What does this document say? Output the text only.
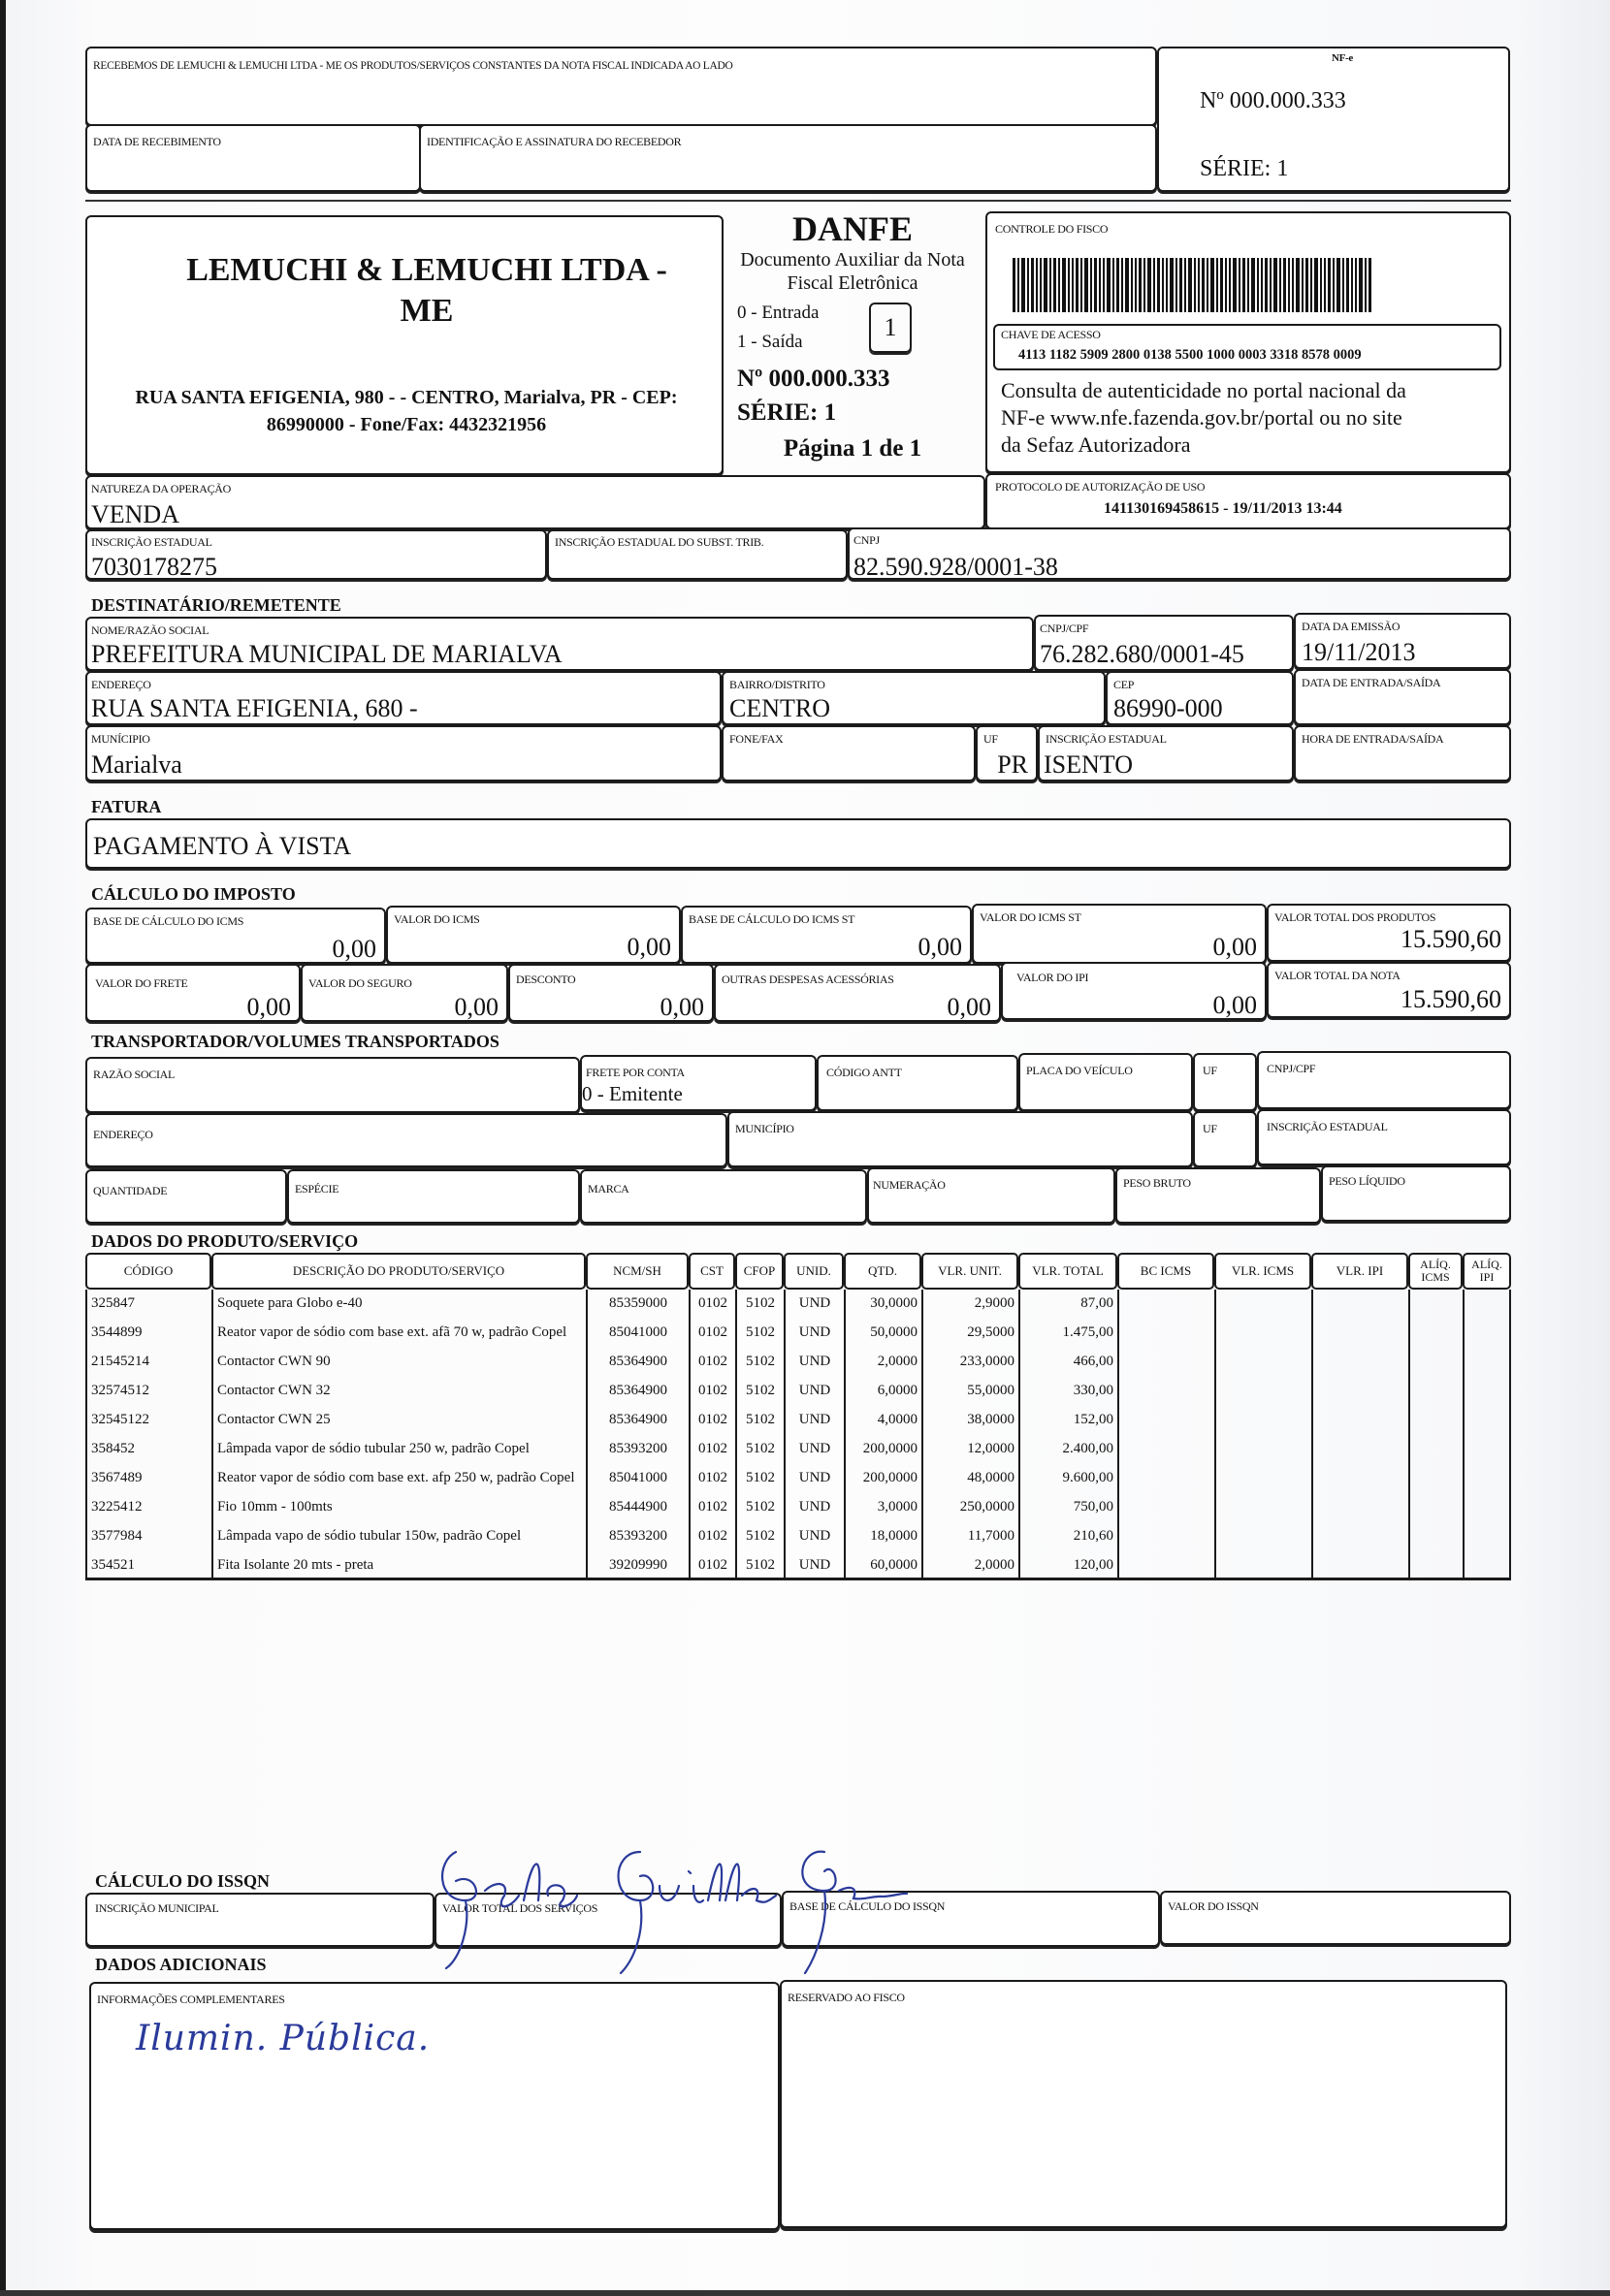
RECEBEMOS DE LEMUCHI & LEMUCHI LTDA - ME OS PRODUTOS/SERVIÇOS CONSTANTES DA NOTA FISCAL INDICADA AO LADO
DATA DE RECEBIMENTO	IDENTIFICAÇÃO E ASSINATURA DO RECEBEDOR
NF-e
Nº 000.000.333
SÉRIE: 1
LEMUCHI & LEMUCHI LTDA - ME
RUA SANTA EFIGENIA, 980 - - CENTRO, Marialva, PR - CEP:
86990000 - Fone/Fax: 4432321956
DANFE
Documento Auxiliar da Nota
Fiscal Eletrônica
0 - Entrada
1 - Saída
1
Nº 000.000.333
SÉRIE: 1
Página 1 de 1
CONTROLE DO FISCO
CHAVE DE ACESSO
4113 1182 5909 2800 0138 5500 1000 0003 3318 8578 0009
Consulta de autenticidade no portal nacional da
NF-e www.nfe.fazenda.gov.br/portal ou no site
da Sefaz Autorizadora
NATUREZA DA OPERAÇÃO
VENDA
PROTOCOLO DE AUTORIZAÇÃO DE USO
141130169458615 - 19/11/2013 13:44
INSCRIÇÃO ESTADUAL
7030178275
INSCRIÇÃO ESTADUAL DO SUBST. TRIB.	CNPJ
82.590.928/0001-38
DESTINATÁRIO/REMETENTE
NOME/RAZÃO SOCIAL
PREFEITURA MUNICIPAL DE MARIALVA
CNPJ/CPF
76.282.680/0001-45
DATA DA EMISSÃO
19/11/2013
ENDEREÇO
RUA SANTA EFIGENIA, 680 -
BAIRRO/DISTRITO
CENTRO
CEP
86990-000
DATA DE ENTRADA/SAÍDA
MUNÍCIPIO
Marialva
FONE/FAX	UF
PR
INSCRIÇÃO ESTADUAL
ISENTO
HORA DE ENTRADA/SAÍDA
FATURA
PAGAMENTO À VISTA
CÁLCULO DO IMPOSTO
BASE DE CÁLCULO DO ICMS
0,00
VALOR DO ICMS
0,00
BASE DE CÁLCULO DO ICMS ST
0,00
VALOR DO ICMS ST
0,00
VALOR TOTAL DOS PRODUTOS
15.590,60
VALOR DO FRETE
0,00
VALOR DO SEGURO
0,00
DESCONTO
0,00
OUTRAS DESPESAS ACESSÓRIAS
0,00
VALOR DO IPI
0,00
VALOR TOTAL DA NOTA
15.590,60
TRANSPORTADOR/VOLUMES TRANSPORTADOS
RAZÃO SOCIAL	FRETE POR CONTA
0 - Emitente
CÓDIGO ANTT	PLACA DO VEÍCULO	UF	CNPJ/CPF
ENDEREÇO	MUNICÍPIO	UF	INSCRIÇÃO ESTADUAL
QUANTIDADE	ESPÉCIE	MARCA	NUMERAÇÃO	PESO BRUTO	PESO LÍQUIDO
DADOS DO PRODUTO/SERVIÇO
CÓDIGO	DESCRIÇÃO DO PRODUTO/SERVIÇO	NCM/SH	CST	CFOP	UNID.	QTD.	VLR. UNIT.	VLR. TOTAL	BC ICMS	VLR. ICMS	VLR. IPI	ALÍQ. ICMS	ALÍQ. IPI
325847	Soquete para Globo e-40	85359000	0102	5102	UND	30,0000	2,9000	87,00					
3544899	Reator vapor de sódio com base ext. afã 70 w, padrão Copel	85041000	0102	5102	UND	50,0000	29,5000	1.475,00					
21545214	Contactor CWN 90	85364900	0102	5102	UND	2,0000	233,0000	466,00					
32574512	Contactor CWN 32	85364900	0102	5102	UND	6,0000	55,0000	330,00					
32545122	Contactor CWN 25	85364900	0102	5102	UND	4,0000	38,0000	152,00					
358452	Lâmpada vapor de sódio tubular 250 w, padrão Copel	85393200	0102	5102	UND	200,0000	12,0000	2.400,00					
3567489	Reator vapor de sódio com base ext. afp 250 w, padrão Copel	85041000	0102	5102	UND	200,0000	48,0000	9.600,00					
3225412	Fio 10mm - 100mts	85444900	0102	5102	UND	3,0000	250,0000	750,00					
3577984	Lâmpada vapo de sódio tubular 150w, padrão Copel	85393200	0102	5102	UND	18,0000	11,7000	210,60					
354521	Fita Isolante 20 mts - preta	39209990	0102	5102	UND	60,0000	2,0000	120,00					
CÁLCULO DO ISSQN
INSCRIÇÃO MUNICIPAL	VALOR TOTAL DOS SERVIÇOS	BASE DE CÁLCULO DO ISSQN	VALOR DO ISSQN
DADOS ADICIONAIS
INFORMAÇÕES COMPLEMENTARES
Ilumin. Pública.
RESERVADO AO FISCO
